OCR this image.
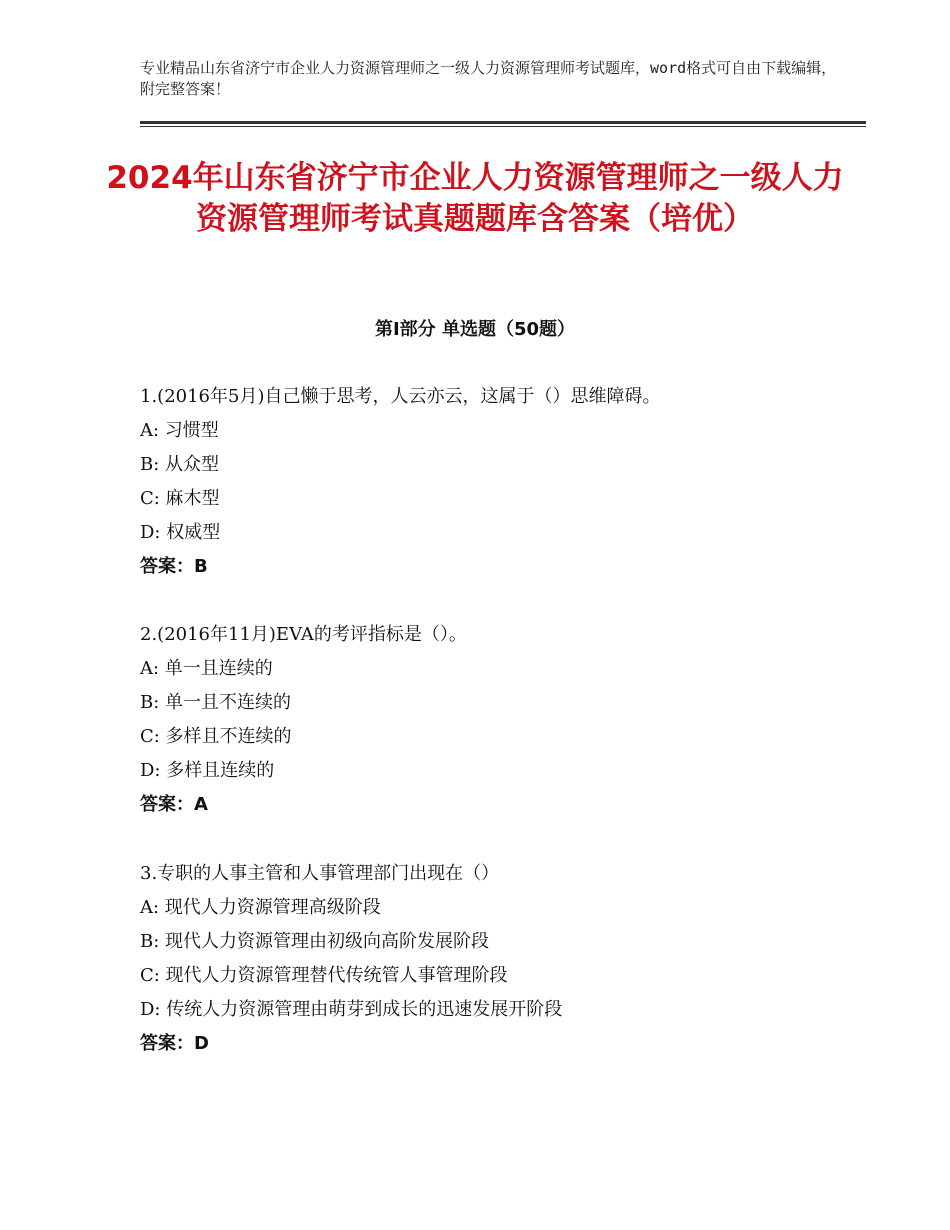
专业精品山东省济宁市企业人力资源管理师之一级人力资源管理师考试题库，word格式可自由下载编辑，附完整答案！
2024年山东省济宁市企业人力资源管理师之一级人力资源管理师考试真题题库含答案（培优）
第Ⅰ部分 单选题（50题）
1.(2016年5月)自己懒于思考，人云亦云，这属于（）思维障碍。
A: 习惯型
B: 从众型
C: 麻木型
D: 权威型
答案：B
2.(2016年11月)EVA的考评指标是（）。
A: 单一且连续的
B: 单一且不连续的
C: 多样且不连续的
D: 多样且连续的
答案：A
3.专职的人事主管和人事管理部门出现在（）
A: 现代人力资源管理高级阶段
B: 现代人力资源管理由初级向高阶发展阶段
C: 现代人力资源管理替代传统管人事管理阶段
D: 传统人力资源管理由萌芽到成长的迅速发展开阶段
答案：D
